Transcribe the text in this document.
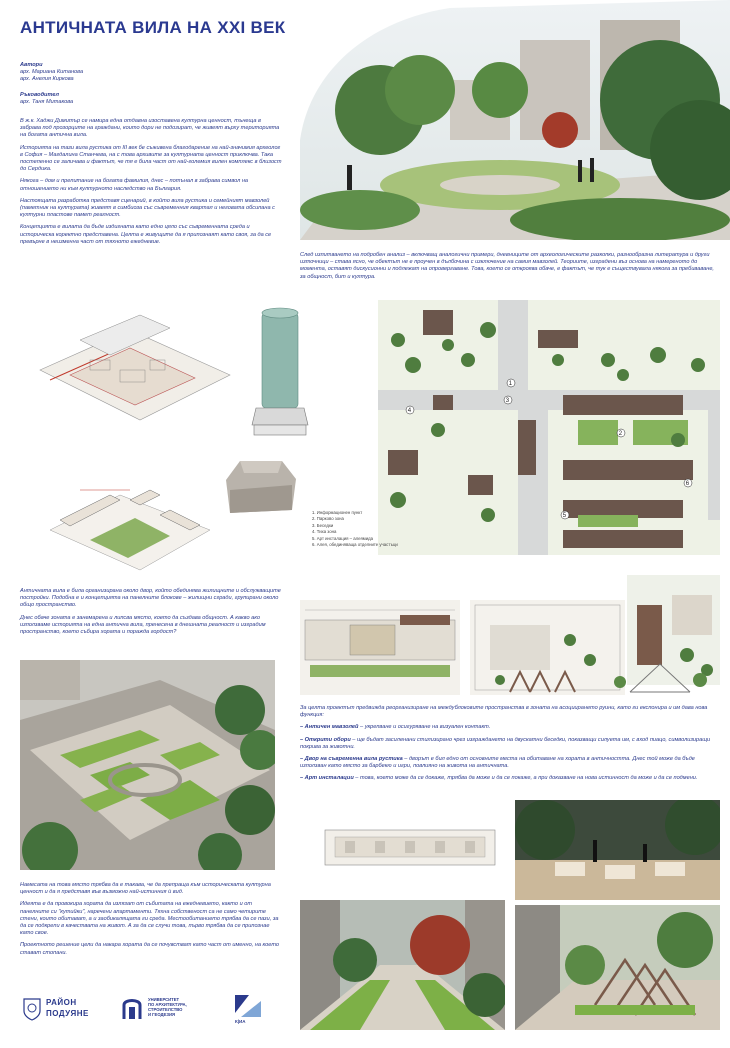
АНТИЧНАТА ВИЛА НА XXI ВЕК
Автори
арх. Мариана Китанова
арх. Анелия Киркова
Ръководител
арх. Таня Митакова

В ж.к. Хаджи Димитър се намира една отдавна изоставена културна ценност, тънеща в забрава под прозорците на граждани, които дори не подозират, че живеят върху територията на богата антична вила.

Историята на тази вила рустика от III век бе съживена благодарение на най-значимия археолог в София – Магдалина Станчева, на с това архивите за културната ценност приключва. Така постепенно се заличава и фактът, че тя е била част от най-големия вилен комплекс в близост до Сердика.

Някога – дом и препитание на богата фамилия, днес – потънал в забрава символ на отношението ни към културното наследство на България.

Настоящата разработка представя сценарий, в който вила рустика и семейният мавзолей (паметник на културата) живеят в симбиоза със съвременния квартал и неговата обсипана с културни пластове памет реалност.

Концепцията е вилата да бъде издигната като едно цяло със съвременната среда и историческа коректно представена. Целта е живущите да я припознаят като своя, за да се превърне в неизменна част от тяхното ежедневие.

След изпитването на подробен анализ – включващ аналогични примери, дневниците от археологическите разкопки, разнообразна литература и други източници – става ясно, че обектът не е проучен в дълбочина с изключение на самия мавзолей. Теориите, изградени въз основа на намереното до момента, оставят дискусионни и подлежат на опровергаване. Това, което се откроява обаче, е фактът, че тук е съществувала някога за пребиваване, за общност, бит и култура.
1
2
3
4
5
6
1. Информационен пункт
2. Парково зона
3. Беседки
4. Тиха зона
5. Арт инсталация – алеямида
6. Алея, обединяваща отделните участъци

Античната вила е била организирана около двор, който обединява жилищните и обслужващите постройки. Подобна е и концепцията на панелните блокове – жилищни сгради, групирани около общо пространство.

Днес обаче зоната е занемарена и липсва място, което да създава общност. А какво ако използваме историята на една антична вила, пренесена в днешната реалност и изградим пространство, което събира хората и поражда гордост?

За целта проектът предвижда реорганизиране на междублоковите пространства в зоната на асоциирането руини, като ги експонира и им дава нова функция:

– Античен мавзолей – укрепване и осигуряване на визуален контакт.

– Открити обори – ще бъдат засиленани стилизирано чрез изграждането на двускатни беседки, показващи силуета им, с вход пиацо, символизиращи покрива за животни.

– Двор на съвременна вила рустика – дворът е бил едно от основните места на обитаване на хората в античността. Днес той може да бъде използван като място за барбекю и игри, повлияно на живота на античната.

– Арт инсталации – това, което може да се докаже, трябва да може и да се покаже, а при доказване на нова истинност да може и да се подмени.

Намесата на това място трябва да е такава, че да препраща към историческата културна ценност и да я представя във възможно най-истинния ѝ вид.

Идеята е да провокира хората да излязат от събитата на ежедневието, както и от панелните си "кутийки", наречени апартаменти. Тяхна собственост са не само четирите стени, които обитават, а и заобикалящата ги среда. Местообитанието трябва да се пази, за да се подкрепи в качествата на живот. А за да се случи това, първо трябва да се припознае като свое.

Проектното решение цели да накара хората да се почувстват като част от именно, на което стават стопани.

РАЙОН
ПОДУЯНЕ
УНИВЕРСИТЕТ
ПО АРХИТЕКТУРА,
СТРОИТЕЛСТВО
И ГЕОДЕЗИЯ
К|ИА
